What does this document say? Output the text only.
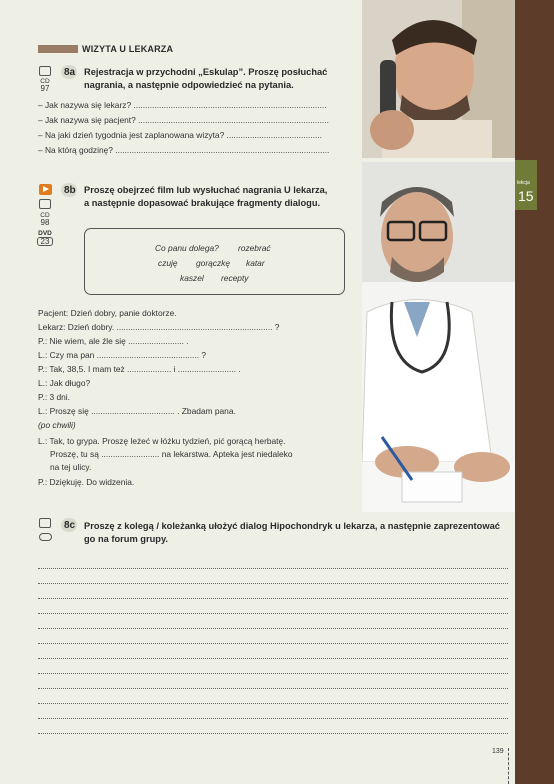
lekcja
15
WIZYTA U LEKARZA
CD
97
8a Rejestracja w przychodni „Eskulap”. Proszę posłuchać
nagrania, a następnie odpowiedzieć na pytania.
– Jak nazywa się lekarz? ...................................................................................
– Jak nazywa się pacjent? ..................................................................................
– Na jaki dzień tygodnia jest zaplanowana wizyta? .........................................
– Na którą godzinę? ............................................................................................
CD
98
DVD
23
8b Proszę obejrzeć film lub wysłuchać nagrania U lekarza,
a następnie dopasować brakujące fragmenty dialogu.
Co panu dolega? rozebrać
czuję gorączkę katar
kaszel recepty
Pacjent: Dzień dobry, panie doktorze.
Lekarz: Dzień dobry. ................................................................... ?
P.: Nie wiem, ale źle się ........................ .
L.: Czy ma pan ............................................ ?
P.: Tak, 38,5. I mam też ................... i ......................... .
L.: Jak długo?
P.: 3 dni.
L.: Proszę się .................................... . Zbadam pana.
(po chwili)
L.: Tak, to grypa. Proszę leżeć w łóżku tydzień, pić gorącą herbatę.
Proszę, tu są ......................... na lekarstwa. Apteka jest niedaleko
na tej ulicy.
P.: Dziękuję. Do widzenia.
8c Proszę z kolegą / koleżanką ułożyć dialog Hipochondryk u lekarza, a następnie zaprezentować
go na forum grupy.
139
